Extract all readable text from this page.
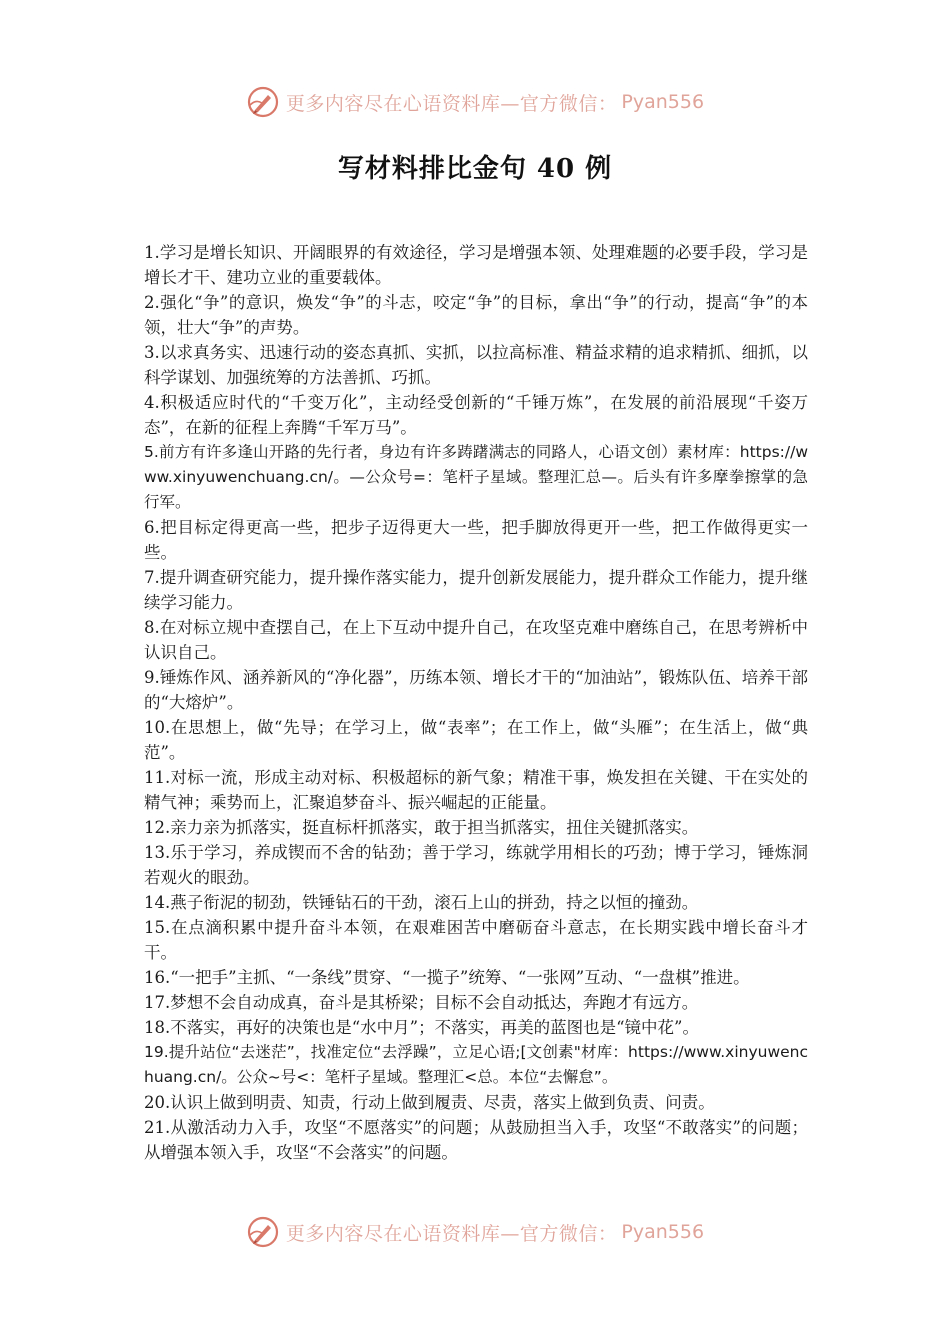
更多内容尽在心语资料库—官方微信： Pyan556
写材料排比金句 40 例

1.学习是增长知识、开阔眼界的有效途径，学习是增强本领、处理难题的必要手段，学习是增长才干、建功立业的重要载体。

2.强化“争”的意识，焕发“争”的斗志，咬定“争”的目标，拿出“争”的行动，提高“争”的本领，壮大“争”的声势。

3.以求真务实、迅速行动的姿态真抓、实抓，以拉高标准、精益求精的追求精抓、细抓，以科学谋划、加强统筹的方法善抓、巧抓。

4.积极适应时代的“千变万化”，主动经受创新的“千锤万炼”，在发展的前沿展现“千姿万态”，在新的征程上奔腾“千军万马”。

5.前方有许多逢山开路的先行者，身边有许多踌躇满志的同路人，心语文创）素材库：https://www.xinyuwenchuang.cn/。—公众号=：笔杆子星域。整理汇总—。后头有许多摩拳擦掌的急行军。

6.把目标定得更高一些，把步子迈得更大一些，把手脚放得更开一些，把工作做得更实一些。

7.提升调查研究能力，提升操作落实能力，提升创新发展能力，提升群众工作能力，提升继续学习能力。

8.在对标立规中查摆自己，在上下互动中提升自己，在攻坚克难中磨练自己，在思考辨析中认识自己。

9.锤炼作风、涵养新风的“净化器”，历练本领、增长才干的“加油站”，锻炼队伍、培养干部的“大熔炉”。

10.在思想上，做“先导；在学习上，做“表率”；在工作上，做“头雁”；在生活上，做“典范”。

11.对标一流，形成主动对标、积极超标的新气象；精准干事，焕发担在关键、干在实处的精气神；乘势而上，汇聚追梦奋斗、振兴崛起的正能量。

12.亲力亲为抓落实，挺直标杆抓落实，敢于担当抓落实，扭住关键抓落实。

13.乐于学习，养成锲而不舍的钻劲；善于学习，练就学用相长的巧劲；博于学习，锤炼洞若观火的眼劲。

14.燕子衔泥的韧劲，铁锤钻石的干劲，滚石上山的拼劲，持之以恒的撞劲。

15.在点滴积累中提升奋斗本领，在艰难困苦中磨砺奋斗意志，在长期实践中增长奋斗才干。

16.“一把手”主抓、“一条线”贯穿、“一揽子”统筹、“一张网”互动、“一盘棋”推进。

17.梦想不会自动成真，奋斗是其桥梁；目标不会自动抵达，奔跑才有远方。

18.不落实，再好的决策也是“水中月”；不落实，再美的蓝图也是“镜中花”。

19.提升站位“去迷茫”，找准定位“去浮躁”，立足心语;[文创素"材库：https://www.xinyuwenchuang.cn/。公众~号<：笔杆子星域。整理汇<总。本位“去懈怠”。

20.认识上做到明责、知责，行动上做到履责、尽责，落实上做到负责、问责。

21.从激活动力入手，攻坚“不愿落实”的问题；从鼓励担当入手，攻坚“不敢落实”的问题；从增强本领入手，攻坚“不会落实”的问题。

更多内容尽在心语资料库—官方微信： Pyan556
